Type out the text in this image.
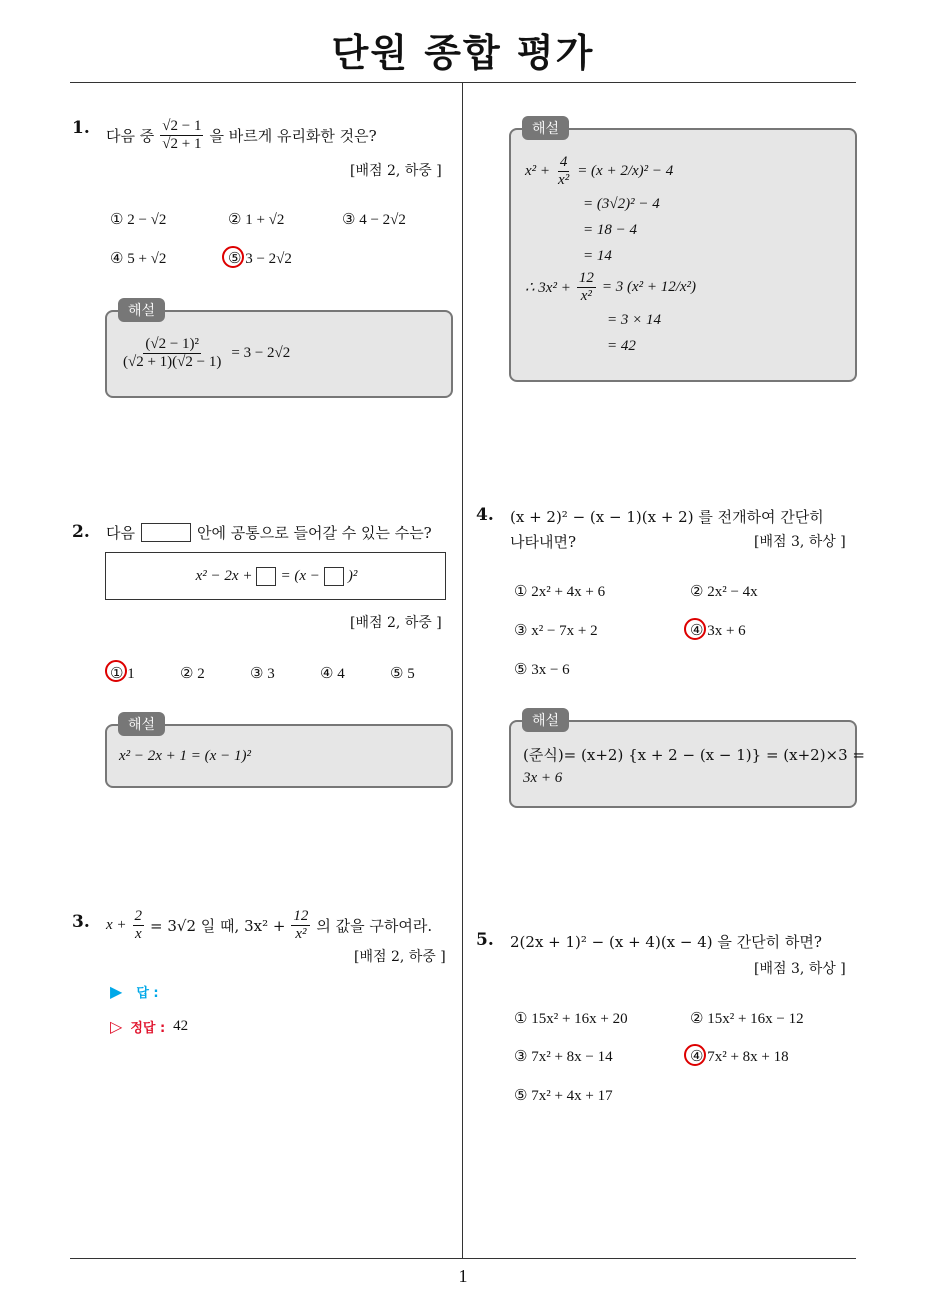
단원 종합 평가
1
1. 다음 중 $\frac{√2 - 1}{√2 + 1}$ 을 바르게 유리화한 것은?
[배점 2, 하중 ]
① 2 − √2	② 1 + √2	③ 4 − 2√2
④ 5 + √2	⑤ 3 − 2√2
$\frac{\text{(√2 − 1)²}}{(√2 + 1)(√2 - 1)} = 3 - 2√2$
해설
2. 다음	안에 공통으로 들어갈 수 있는 수는?
x² − 2x + = (x − )²
[배점 2, 하중 ]
① 1	② 2	③ 3	④ 4	⑤ 5
x² − 2x + 1 = (x − 1)²
해설
3. $x + \frac{2}{x} = 3√2$ 일 때, $3x^2 + \frac{12}{\text{x²}}$ 의 값을 구하여라.
[배점 2, 하중 ]
▶ 답 :
▷ 정답 : 42
$x^2 + \frac{4}{\text{x²}} = (x + 2/x)^2 - 4$
= (3√2)² − 4
= 18 − 4
= 14
∴ $3x^2 + \frac{12}{\text{x²}} = 3$ (x² + 12/x²)
= 3 × 14
= 42
해설
4. (x + 2)² − (x − 1)(x + 2) 를 전개하여 간단히
나타내면?	[배점 3, 하상 ]
① 2x² + 4x + 6	② 2x² − 4x
③ x² − 7x + 2	④ 3x + 6
⑤ 3x − 6
(준식)= (x+2) {x + 2 − (x − 1)} = (x+2)×3 =
3x + 6
해설
5. 2(2x + 1)² − (x + 4)(x − 4) 을 간단히 하면?
[배점 3, 하상 ]
① 15x² + 16x + 20	② 15x² + 16x − 12
③ 7x² + 8x − 14	④ 7x² + 8x + 18
⑤ 7x² + 4x + 17
